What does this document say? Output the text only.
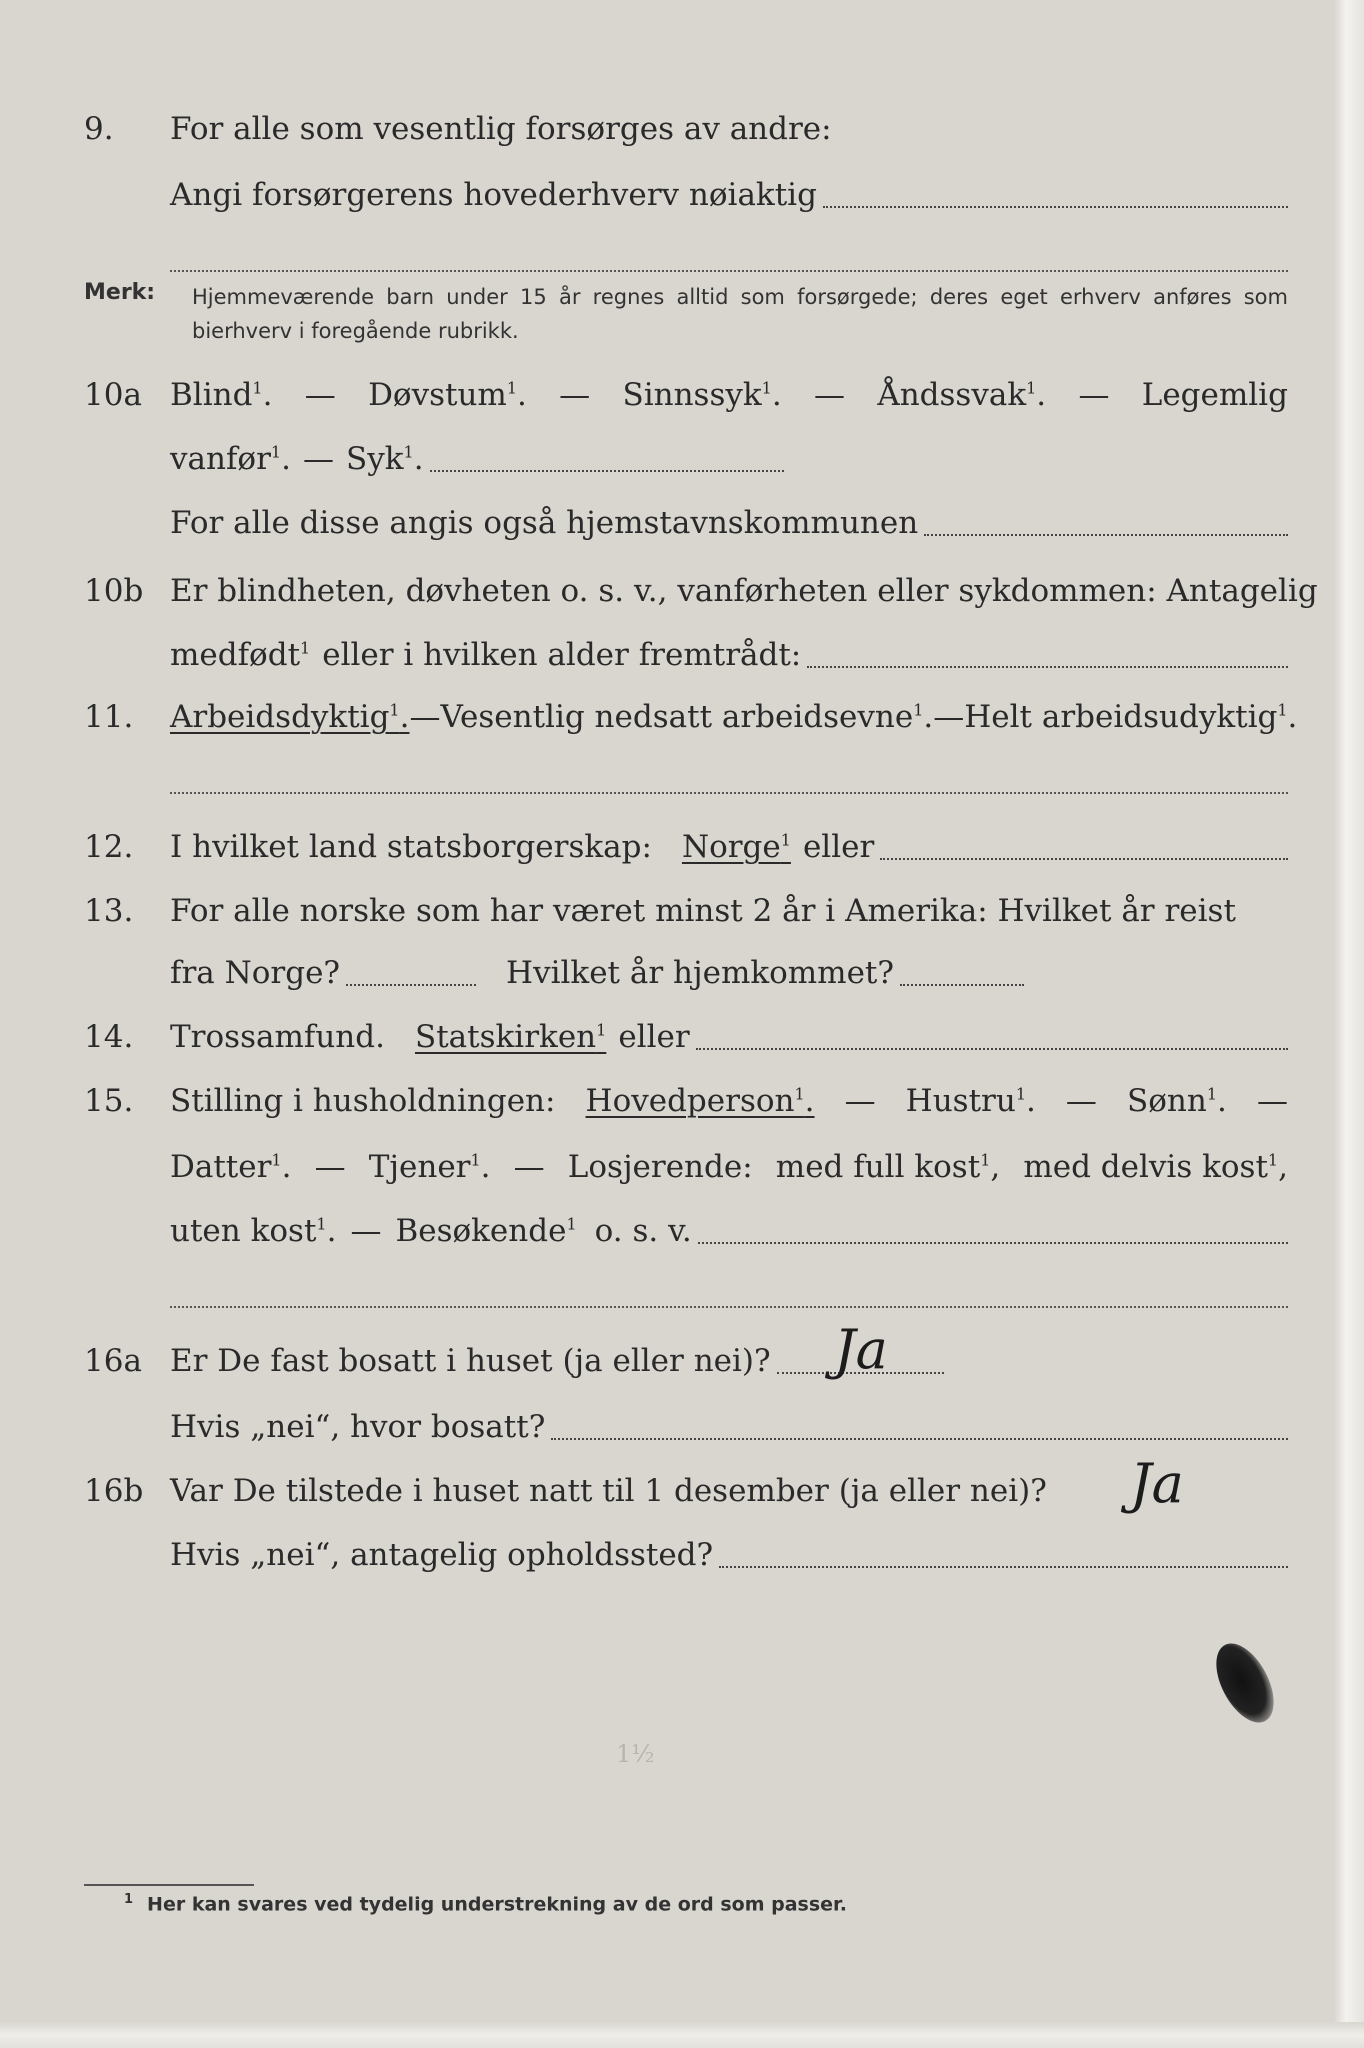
9. For alle som vesentlig forsørges av andre:
Angi forsørgerens hovederhverv nøiaktig
Merk: Hjemmeværende barn under 15 år regnes alltid som forsørgede; deres eget erhverv anføres som bierhverv i foregående rubrikk.
10a Blind$^1$. — Døvstum$^1$. — Sinnssyk$^1$. — Åndssvak$^1$. — Legemlig
vanfør$^1$. — Syk$^1$.
For alle disse angis også hjemstavnskommunen
10b Er blindheten, døvheten o. s. v., vanførheten eller sykdommen: Antagelig
medfødt$^1$ eller i hvilken alder fremtrådt:
11. Arbeidsdyktig$^1$. — Vesentlig nedsatt arbeidsevne$^1$. — Helt arbeidsudyktig$^1$.
12. I hvilket land statsborgerskap: Norge$^1$ eller
13. For alle norske som har været minst 2 år i Amerika: Hvilket år reist
fra Norge?	Hvilket år hjemkommet?
14. Trossamfund. Statskirken$^1$ eller
15. Stilling i husholdningen: Hovedperson$^1$. — Hustru$^1$. — Sønn$^1$. —
Datter$^1$. — Tjener$^1$. — Losjerende: med full kost$^1$, med delvis kost$^1$,
uten kost$^1$. — Besøkende$^1$ o. s. v.
16a Er De fast bosatt i huset (ja eller nei)? Ja
Hvis „nei“, hvor bosatt?
16b Var De tilstede i huset natt til 1 desember (ja eller nei)? Ja
Hvis „nei“, antagelig opholdssted?
1½
$^1$ Her kan svares ved tydelig understrekning av de ord som passer.
